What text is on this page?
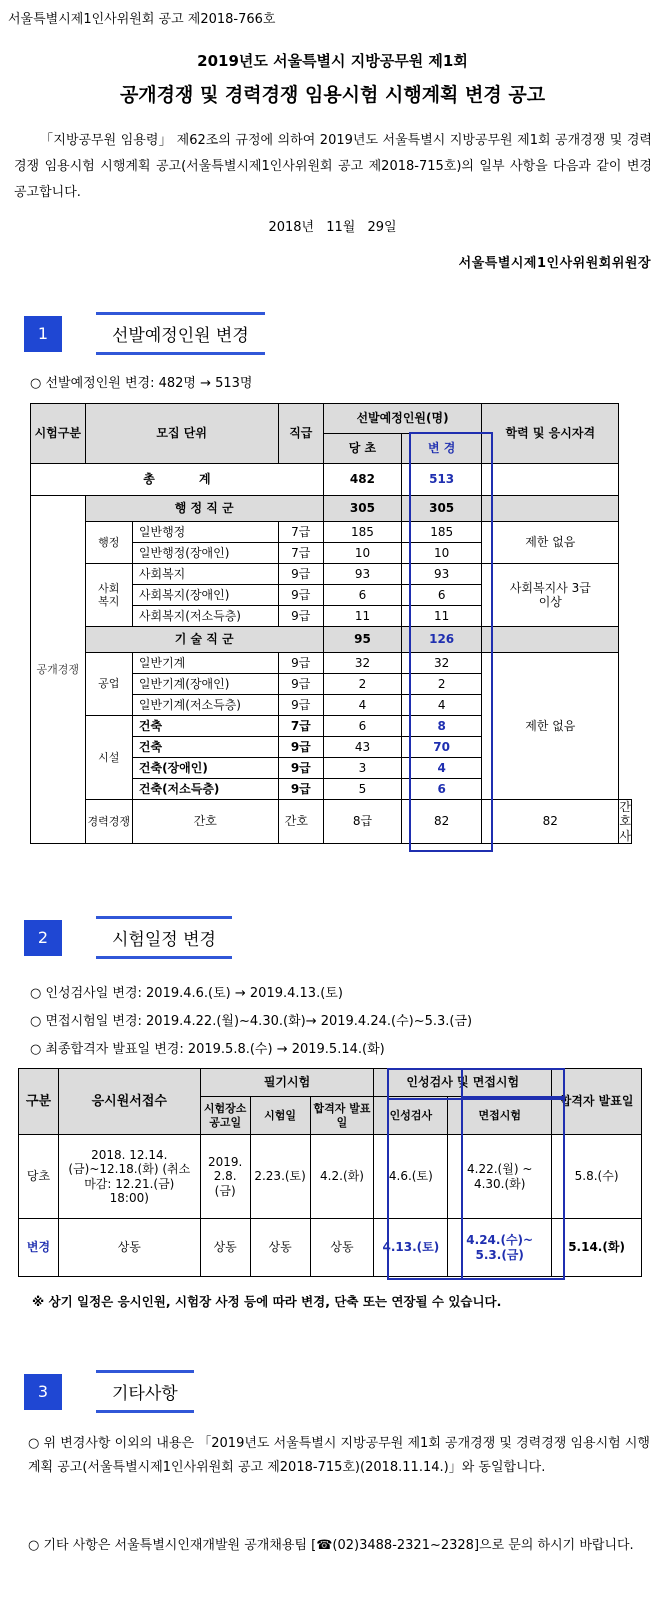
서울특별시제1인사위원회 공고 제2018-766호
2019년도 서울특별시 지방공무원 제1회
공개경쟁 및 경력경쟁 임용시험 시행계획 변경 공고
「지방공무원 임용령」 제62조의 규정에 의하여 2019년도 서울특별시 지방공무원 제1회 공개경쟁 및 경력경쟁 임용시험 시행계획 공고(서울특별시제1인사위원회 공고 제2018-715호)의 일부 사항을 다음과 같이 변경 공고합니다.
2018년 11월 29일
서울특별시제1인사위원회위원장
1	선발예정인원 변경
○ 선발예정인원 변경: 482명 → 513명
시험구분	모집 단위		직급	선발예정인원(명)		학력 및 응시자격	
				당 초	변 경		
총 계				482	513		
공개경쟁	행 정 직 군			305	305		
	행정	일반행정	7급	185	185	제한 없음	
		일반행정(장애인)	7급	10	10		
	사회복지	사회복지	9급	93	93	사회복지사 3급 이상	
		사회복지(장애인)	9급	6	6		
		사회복지(저소득층)	9급	11	11		
	기 술 직 군			95	126		
	공업	일반기계	9급	32	32	제한 없음	
		일반기계(장애인)	9급	2	2		
		일반기계(저소득층)	9급	4	4		
	시설	건축	7급	6	8		
		건축	9급	43	70		
		건축(장애인)	9급	3	4		
		건축(저소득층)	9급	5	6		
	경력경쟁	간호	간호	8급	82	82	간호사
2	시험일정 변경
○ 인성검사일 변경: 2019.4.6.(토) → 2019.4.13.(토)
○ 면접시험일 변경: 2019.4.22.(월)~4.30.(화)→ 2019.4.24.(수)~5.3.(금)
○ 최종합격자 발표일 변경: 2019.5.8.(수) → 2019.5.14.(화)
구분	응시원서접수	필기시험			인성검사 및 면접시험		합격자 발표일
		시험장소 공고일	시험일	합격자 발표일	인성검사	면접시험	
당초	2018. 12.14.(금)~12.18.(화) (취소마감: 12.21.(금) 18:00)	2019. 2.8.(금)	2.23.(토)	4.2.(화)	4.6.(토)	4.22.(월) ~ 4.30.(화)	5.8.(수)
변경	상동	상동	상동	상동	4.13.(토)	4.24.(수)~ 5.3.(금)	5.14.(화)
※ 상기 일정은 응시인원, 시험장 사정 등에 따라 변경, 단축 또는 연장될 수 있습니다.
3	기타사항
○ 위 변경사항 이외의 내용은 「2019년도 서울특별시 지방공무원 제1회 공개경쟁 및 경력경쟁 임용시험 시행계획 공고(서울특별시제1인사위원회 공고 제2018-715호)(2018.11.14.)」와 동일합니다.
○ 기타 사항은 서울특별시인재개발원 공개채용팀 [☎(02)3488-2321~2328]으로 문의 하시기 바랍니다.
